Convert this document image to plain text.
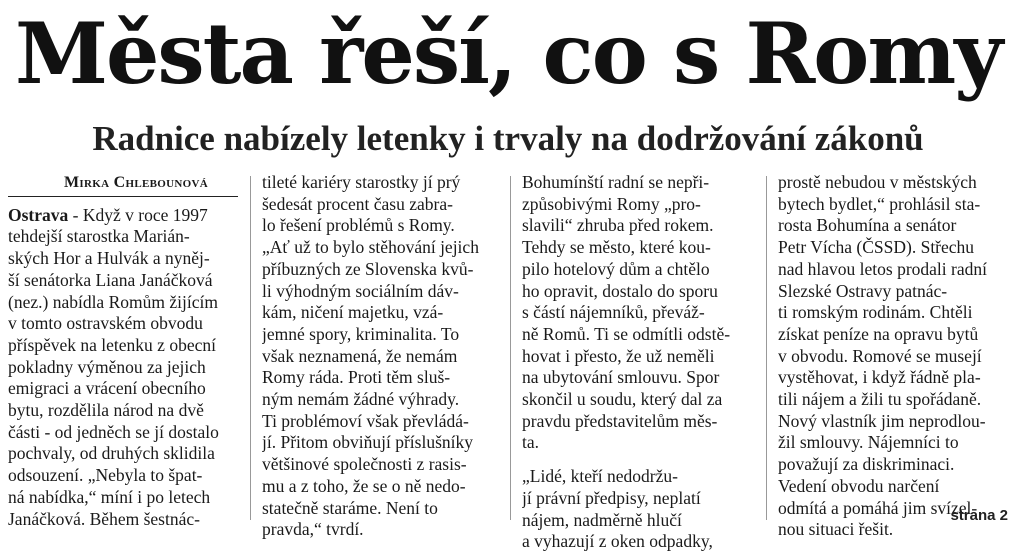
Města řeší, co s Romy
Radnice nabízely letenky i trvaly na dodržování zákonů
Mirka Chlebounová

Ostrava - Když v roce 1997
tehdejší starostka Marián-
ských Hor a Hulvák a nyněj-
ší senátorka Liana Janáčková
(nez.) nabídla Romům žijícím
v tomto ostravském obvodu
příspěvek na letenku z obecní
pokladny výměnou za jejich
emigraci a vrácení obecního
bytu, rozdělila národ na dvě
části - od jedněch se jí dostalo
pochvaly, od druhých sklidila
odsouzení. „Nebyla to špat-
ná nabídka,“ míní i po letech
Janáčková. Během šestnác-

tileté kariéry starostky jí prý
šedesát procent času zabra-
lo řešení problémů s Romy.
„Ať už to bylo stěhování jejich
příbuzných ze Slovenska kvů-
li výhodným sociálním dáv-
kám, ničení majetku, vzá-
jemné spory, kriminalita. To
však neznamená, že nemám
Romy ráda. Proti těm sluš-
ným nemám žádné výhrady.
Ti problémoví však převládá-
jí. Přitom obviňují příslušníky
většinové společnosti z rasis-
mu a z toho, že se o ně nedo-
statečně staráme. Není to
pravda,“ tvrdí.

Bohumínští radní se nepři-
způsobivými Romy „pro-
slavili“ zhruba před rokem.
Tehdy se město, které kou-
pilo hotelový dům a chtělo
ho opravit, dostalo do sporu
s částí nájemníků, převáž-
ně Romů. Ti se odmítli odstě-
hovat i přesto, že už neměli
na ubytování smlouvu. Spor
skončil u soudu, který dal za
pravdu představitelům měs-
ta.

„Lidé, kteří nedodržu-
jí právní předpisy, neplatí
nájem, nadměrně hlučí
a vyhazují z oken odpadky,

prostě nebudou v městských
bytech bydlet,“ prohlásil sta-
rosta Bohumína a senátor
Petr Vícha (ČSSD). Střechu
nad hlavou letos prodali radní
Slezské Ostravy patnác-
ti romským rodinám. Chtěli
získat peníze na opravu bytů
v obvodu. Romové se musejí
vystěhovat, i když řádně pla-
tili nájem a žili tu spořádaně.
Nový vlastník jim neprodlou-
žil smlouvy. Nájemníci to
považují za diskriminaci.
Vedení obvodu narčení
odmítá a pomáhá jim svízel-
nou situaci řešit.

strana 2
